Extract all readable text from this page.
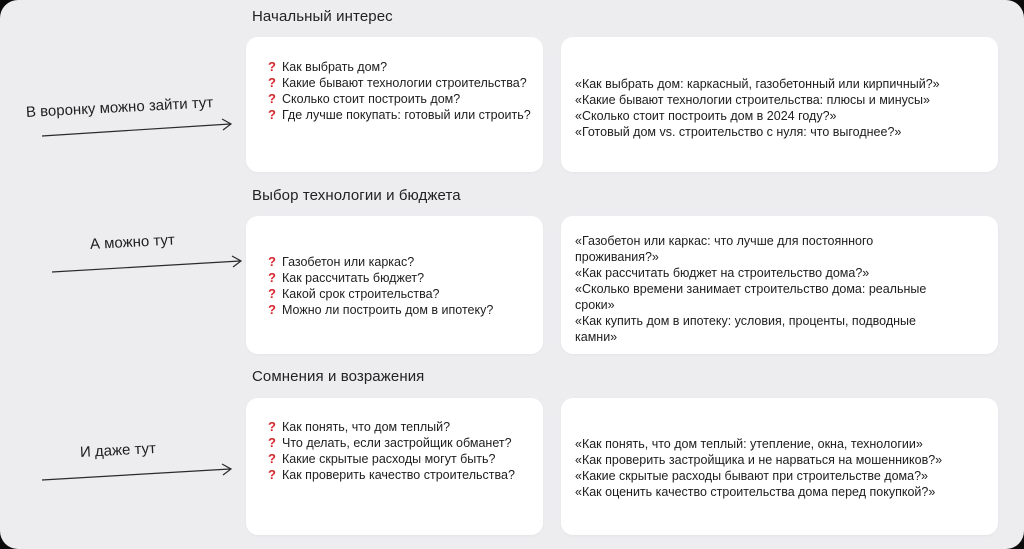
Начальный интерес
В воронку можно зайти тут
? Как выбрать дом?
? Какие бывают технологии строительства?
? Сколько стоит построить дом?
? Где лучше покупать: готовый или строить?
«Как выбрать дом: каркасный, газобетонный или кирпичный?»
«Какие бывают технологии строительства: плюсы и минусы»
«Сколько стоит построить дом в 2024 году?»
«Готовый дом vs. строительство с нуля: что выгоднее?»
Выбор технологии и бюджета
А можно тут
? Газобетон или каркас?
? Как рассчитать бюджет?
? Какой срок строительства?
? Можно ли построить дом в ипотеку?
«Газобетон или каркас: что лучше для постоянного проживания?»
«Как рассчитать бюджет на строительство дома?»
«Сколько времени занимает строительство дома: реальные сроки»
«Как купить дом в ипотеку: условия, проценты, подводные камни»
Сомнения и возражения
И даже тут
? Как понять, что дом теплый?
? Что делать, если застройщик обманет?
? Какие скрытые расходы могут быть?
? Как проверить качество строительства?
«Как понять, что дом теплый: утепление, окна, технологии»
«Как проверить застройщика и не нарваться на мошенников?»
«Какие скрытые расходы бывают при строительстве дома?»
«Как оценить качество строительства дома перед покупкой?»
